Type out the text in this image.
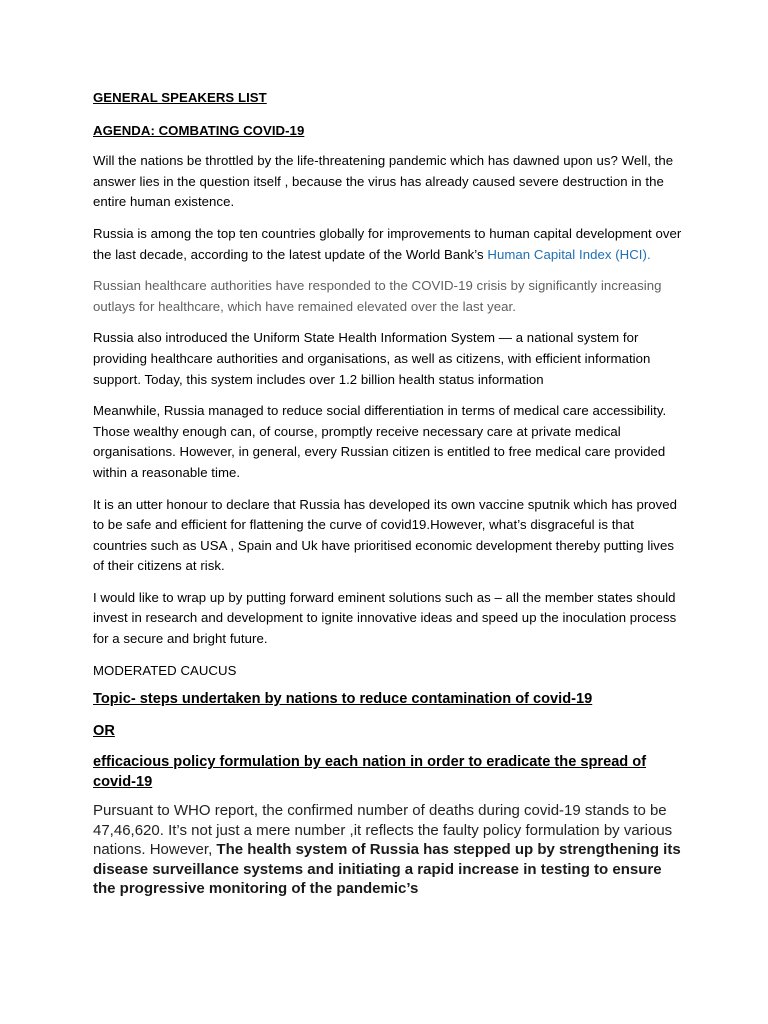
GENERAL SPEAKERS LIST

AGENDA: COMBATING COVID-19

Will the nations be throttled by the life-threatening pandemic which has dawned upon us? Well, the answer lies in the question itself , because the virus has already caused severe destruction in the entire human existence.

Russia is among the top ten countries globally for improvements to human capital development over the last decade, according to the latest update of the World Bank’s Human Capital Index (HCI).

Russian healthcare authorities have responded to the COVID-19 crisis by significantly increasing outlays for healthcare, which have remained elevated over the last year.

Russia also introduced the Uniform State Health Information System — a national system for providing healthcare authorities and organisations, as well as citizens, with efficient information support. Today, this system includes over 1.2 billion health status information

Meanwhile, Russia managed to reduce social differentiation in terms of medical care accessibility. Those wealthy enough can, of course, promptly receive necessary care at private medical organisations. However, in general, every Russian citizen is entitled to free medical care provided within a reasonable time.

It is an utter honour to declare that Russia has developed its own vaccine sputnik which has proved to be safe and efficient for flattening the curve of covid19.However, what’s disgraceful is that countries such as USA , Spain and Uk have prioritised economic development thereby putting lives of their citizens at risk.

I would like to wrap up by putting forward eminent solutions such as – all the member states should invest in research and development to ignite innovative ideas and speed up the inoculation process for a secure and bright future.

MODERATED CAUCUS

Topic- steps undertaken by nations to reduce contamination of covid-19

OR

efficacious policy formulation by each nation in order to eradicate the spread of covid-19

Pursuant to WHO report, the confirmed number of deaths during covid-19 stands to be 47,46,620. It’s not just a mere number ,it reflects the faulty policy formulation by various nations. However, The health system of Russia has stepped up by strengthening its disease surveillance systems and initiating a rapid increase in testing to ensure the progressive monitoring of the pandemic’s
